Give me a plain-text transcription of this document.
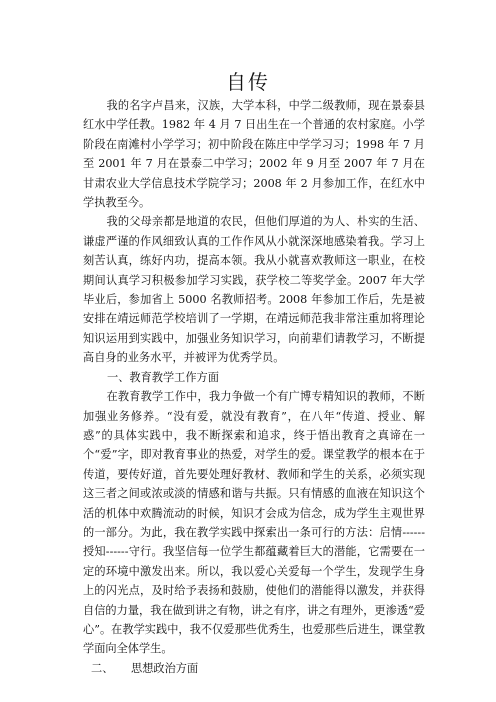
自传

我的名字卢昌来，汉族，大学本科，中学二级教师，现在景泰县红水中学任教。1982 年 4 月 7 日出生在一个普通的农村家庭。小学阶段在南滩村小学学习；初中阶段在陈庄中学学习习；1998 年 7 月至 2001 年 7 月在景泰二中学习；2002 年 9 月至 2007 年 7 月在甘肃农业大学信息技术学院学习；2008 年 2 月参加工作，在红水中学执教至今。

我的父母亲都是地道的农民，但他们厚道的为人、朴实的生活、谦虚严谨的作风细致认真的工作作风从小就深深地感染着我。学习上刻苦认真，练好内功，提高本领。我从小就喜欢教师这一职业，在校期间认真学习积极参加学习实践，获学校二等奖学金。2007 年大学毕业后，参加省上 5000 名教师招考。2008 年参加工作后，先是被安排在靖远师范学校培训了一学期，在靖远师范我非常注重加将理论知识运用到实践中，加强业务知识学习，向前辈们请教学习，不断提高自身的业务水平，并被评为优秀学员。

一、教育教学工作方面

在教育教学工作中，我力争做一个有广博专精知识的教师，不断加强业务修养。“没有爱，就没有教育”，在八年“传道、授业、解惑”的具体实践中，我不断探索和追求，终于悟出教育之真谛在一个“爱”字，即对教育事业的热爱，对学生的爱。课堂教学的根本在于传道，要传好道，首先要处理好教材、教师和学生的关系，必须实现这三者之间或浓或淡的情感和谐与共振。只有情感的血液在知识这个活的机体中欢腾流动的时候，知识才会成为信念，成为学生主观世界的一部分。为此，我在教学实践中探索出一条可行的方法：启情------授知------守行。我坚信每一位学生都蕴藏着巨大的潜能，它需要在一定的环境中激发出来。所以，我以爱心关爱每一个学生，发现学生身上的闪光点，及时给予表扬和鼓励，使他们的潜能得以激发，并获得自信的力量，我在做到讲之有物，讲之有序，讲之有理外，更渗透“爱心”。在教学实践中，我不仅爱那些优秀生，也爱那些后进生，课堂教学面向全体学生。

二、 思想政治方面
